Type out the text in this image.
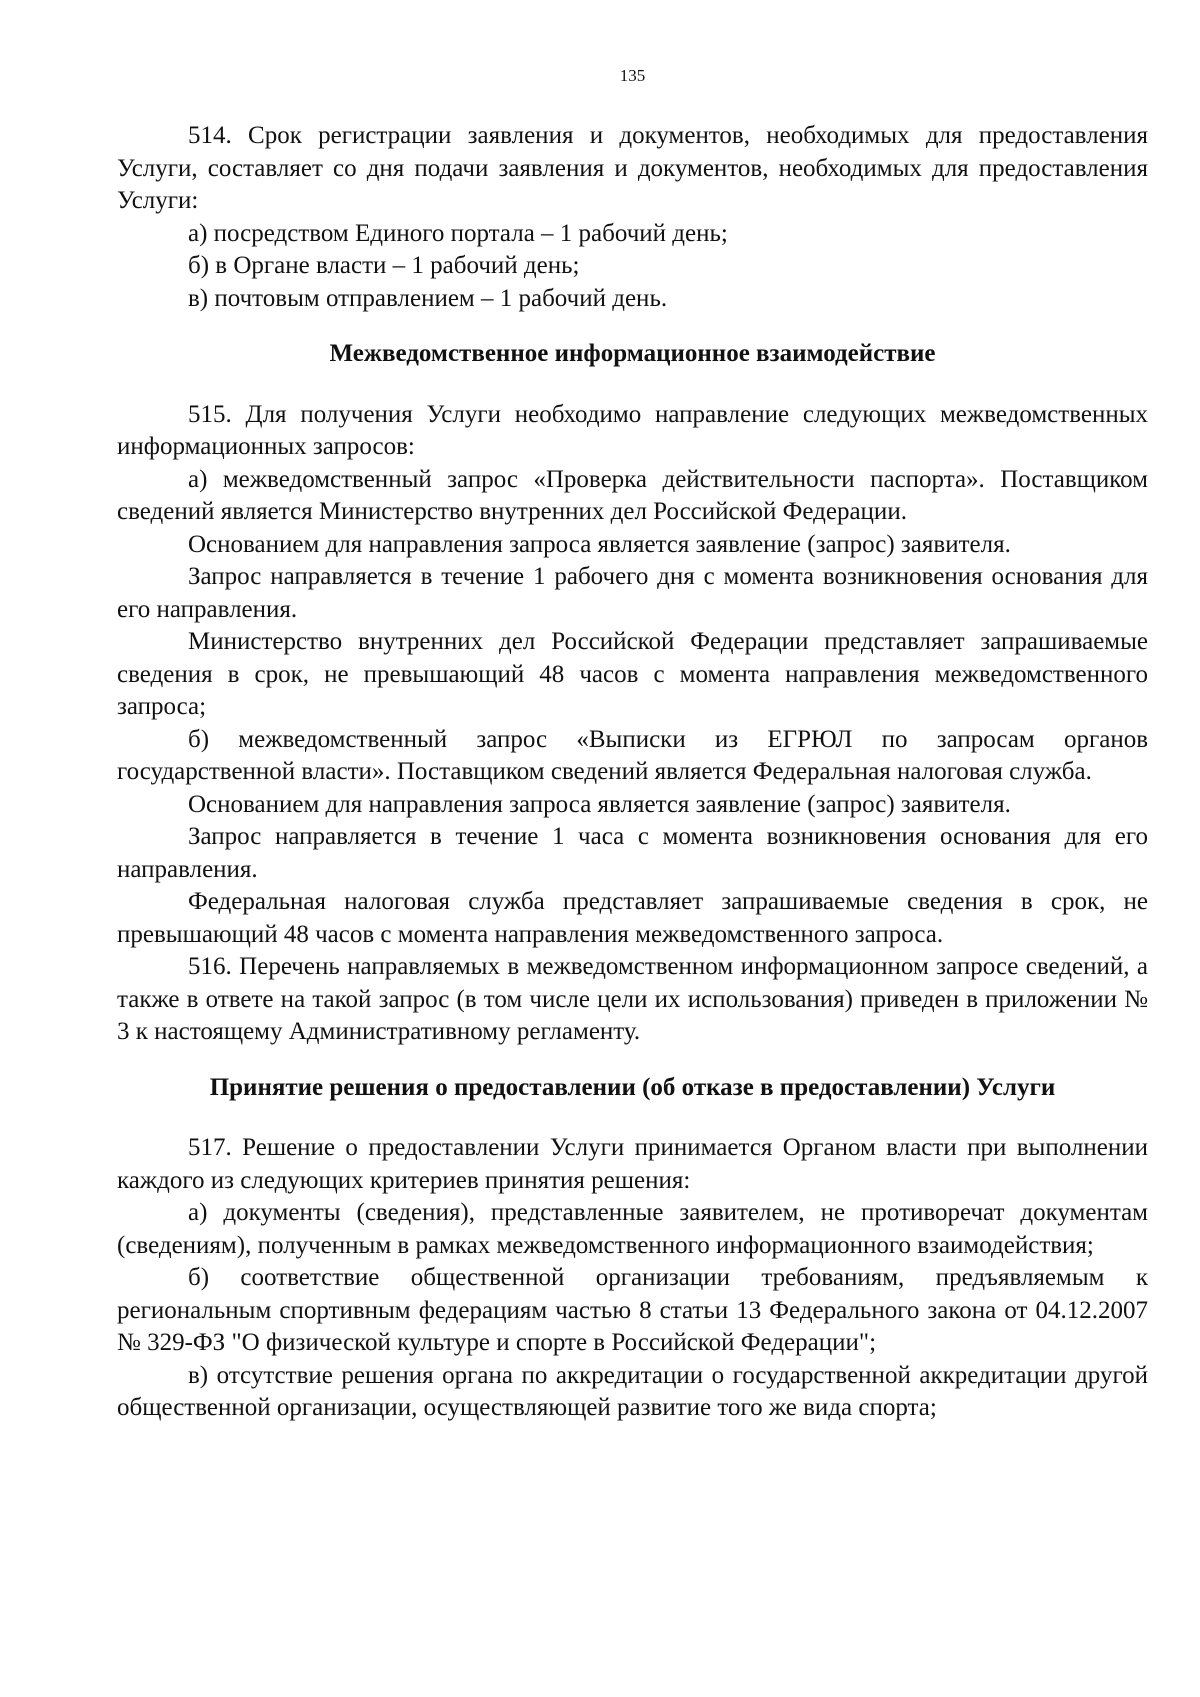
135

514. Срок регистрации заявления и документов, необходимых для предоставления Услуги, составляет со дня подачи заявления и документов, необходимых для предоставления Услуги:

а) посредством Единого портала – 1 рабочий день;

б) в Органе власти – 1 рабочий день;

в) почтовым отправлением – 1 рабочий день.

Межведомственное информационное взаимодействие

515. Для получения Услуги необходимо направление следующих межведомственных информационных запросов:

а) межведомственный запрос «Проверка действительности паспорта». Поставщиком сведений является Министерство внутренних дел Российской Федерации.

Основанием для направления запроса является заявление (запрос) заявителя.

Запрос направляется в течение 1 рабочего дня с момента возникновения основания для его направления.

Министерство внутренних дел Российской Федерации представляет запрашиваемые сведения в срок, не превышающий 48 часов с момента направления межведомственного запроса;

б) межведомственный запрос «Выписки из ЕГРЮЛ по запросам органов государственной власти». Поставщиком сведений является Федеральная налоговая служба.

Основанием для направления запроса является заявление (запрос) заявителя.

Запрос направляется в течение 1 часа с момента возникновения основания для его направления.

Федеральная налоговая служба представляет запрашиваемые сведения в срок, не превышающий 48 часов с момента направления межведомственного запроса.

516. Перечень направляемых в межведомственном информационном запросе сведений, а также в ответе на такой запрос (в том числе цели их использования) приведен в приложении № 3 к настоящему Административному регламенту.

Принятие решения о предоставлении (об отказе в предоставлении) Услуги

517. Решение о предоставлении Услуги принимается Органом власти при выполнении каждого из следующих критериев принятия решения:

а) документы (сведения), представленные заявителем, не противоречат документам (сведениям), полученным в рамках межведомственного информационного взаимодействия;

б) соответствие общественной организации требованиям, предъявляемым к региональным спортивным федерациям частью 8 статьи 13 Федерального закона от 04.12.2007 № 329-ФЗ "О физической культуре и спорте в Российской Федерации";

в) отсутствие решения органа по аккредитации о государственной аккредитации другой общественной организации, осуществляющей развитие того же вида спорта;
